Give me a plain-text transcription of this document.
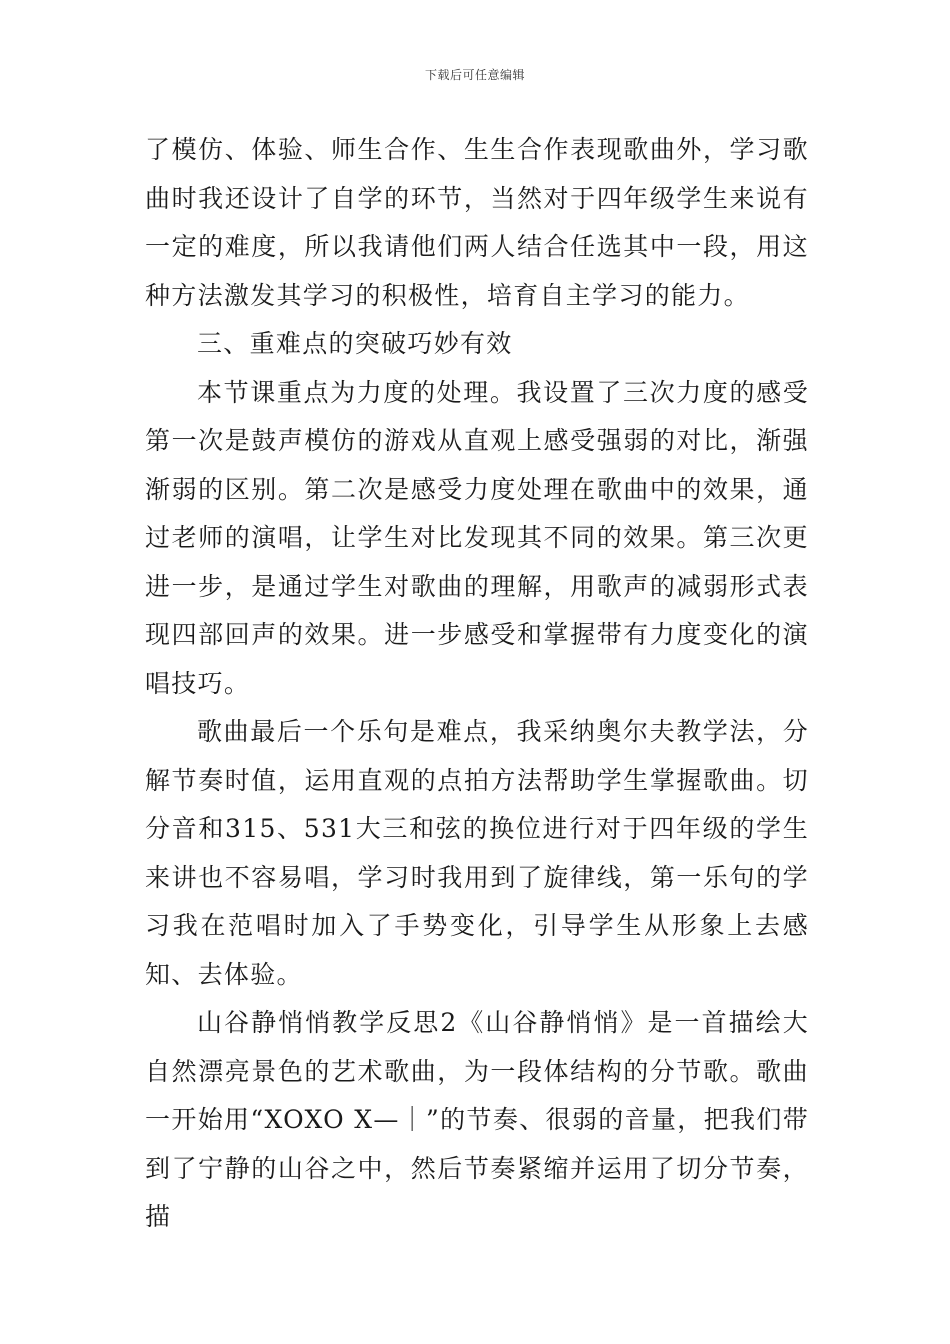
下载后可任意编辑

了模仿、体验、师生合作、生生合作表现歌曲外，学习歌曲时我还设计了自学的环节，当然对于四年级学生来说有一定的难度，所以我请他们两人结合任选其中一段，用这种方法激发其学习的积极性，培育自主学习的能力。

三、重难点的突破巧妙有效

本节课重点为力度的处理。我设置了三次力度的感受第一次是鼓声模仿的游戏从直观上感受强弱的对比，渐强渐弱的区别。第二次是感受力度处理在歌曲中的效果，通过老师的演唱，让学生对比发现其不同的效果。第三次更进一步，是通过学生对歌曲的理解，用歌声的减弱形式表现四部回声的效果。进一步感受和掌握带有力度变化的演唱技巧。

歌曲最后一个乐句是难点，我采纳奥尔夫教学法，分解节奏时值，运用直观的点拍方法帮助学生掌握歌曲。切分音和315、531大三和弦的换位进行对于四年级的学生来讲也不容易唱，学习时我用到了旋律线，第一乐句的学习我在范唱时加入了手势变化，引导学生从形象上去感知、去体验。

山谷静悄悄教学反思2《山谷静悄悄》是一首描绘大自然漂亮景色的艺术歌曲，为一段体结构的分节歌。歌曲一开始用“XOXO X—｜”的节奏、很弱的音量，把我们带到了宁静的山谷之中，然后节奏紧缩并运用了切分节奏，描
